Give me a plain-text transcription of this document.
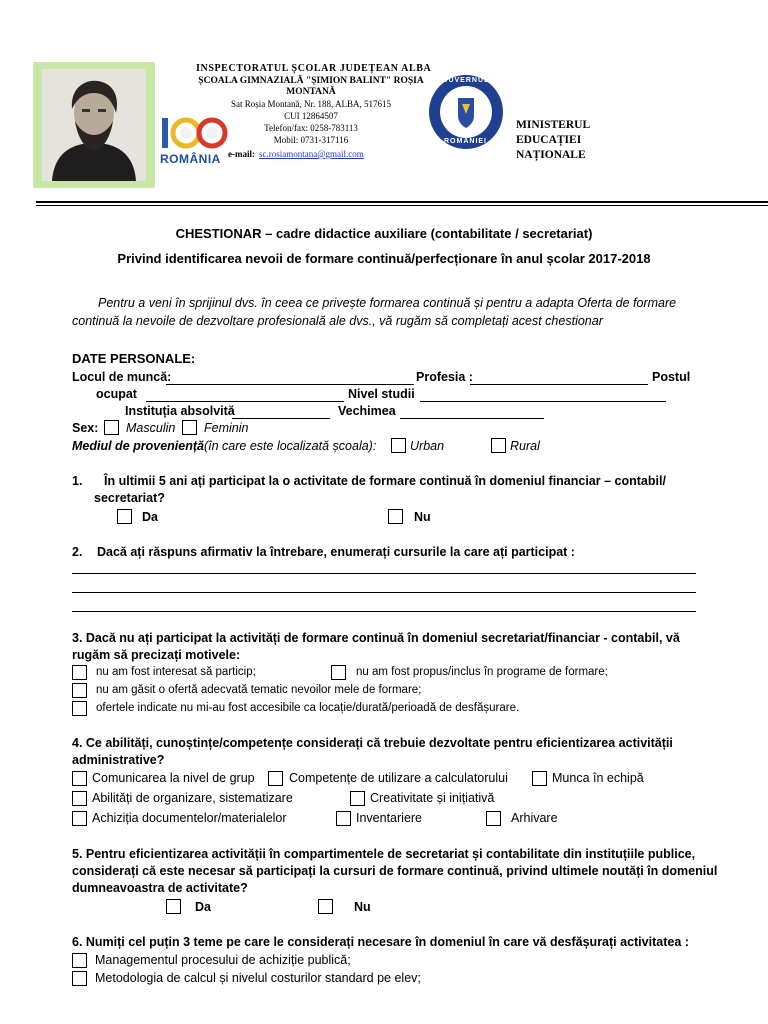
ROMÂNIA
INSPECTORATUL ȘCOLAR JUDEȚEAN ALBA
ȘCOALA GIMNAZIALĂ "ȘIMION BALINT" ROȘIA
MONTANĂ
Sat Roșia Montană, Nr. 188, ALBA, 517615
CUI 12864507
Telefon/fax: 0258-783113
Mobil: 0731-317116
e-mail: sc.rosiamontana@gmail.com
GUVERNUL
ROMÂNIEI
MINISTERUL
EDUCAȚIEI
NAȚIONALE
CHESTIONAR – cadre didactice auxiliare (contabilitate / secretariat)
Privind identificarea nevoii de formare continuă/perfecționare în anul școlar 2017-2018
Pentru a veni în sprijinul dvs. în ceea ce privește formarea continuă și pentru a adapta Oferta de formare
continuă la nevoile de dezvoltare profesională ale dvs., vă rugăm să completați acest chestionar
DATE PERSONALE:
Locul de muncă:	Profesia :	Postul
ocupat	Nivel studii
Instituția absolvită	Vechimea
Sex: Masculin Feminin
Mediul de proveniență (în care este localizată școala):	Urban	Rural
1. În ultimii 5 ani ați participat la o activitate de formare continuă în domeniul financiar – contabil/
secretariat?
Da	Nu
2. Dacă ați răspuns afirmativ la întrebare, enumerați cursurile la care ați participat :
3. Dacă nu ați participat la activități de formare continuă în domeniul secretariat/financiar - contabil, vă
rugăm să precizați motivele:
nu am fost interesat să particip;	nu am fost propus/inclus în programe de formare;
nu am găsit o ofertă adecvată tematic nevoilor mele de formare;
ofertele indicate nu mi-au fost accesibile ca locație/durată/perioadă de desfășurare.
4. Ce abilități, cunoștințe/competențe considerați că trebuie dezvoltate pentru eficientizarea activității
administrative?
Comunicarea la nivel de grup	Competențe de utilizare a calculatorului	Munca în echipă
Abilități de organizare, sistematizare	Creativitate și inițiativă
Achiziția documentelor/materialelor	Inventariere	Arhivare
5. Pentru eficientizarea activității în compartimentele de secretariat și contabilitate din instituțiile publice,
considerați că este necesar să participați la cursuri de formare continuă, privind ultimele noutăți în domeniul
dumneavoastra de activitate?
Da	Nu
6. Numiți cel puțin 3 teme pe care le considerați necesare în domeniul în care vă desfășurați activitatea :
Managementul procesului de achiziție publică;
Metodologia de calcul și nivelul costurilor standard pe elev;
